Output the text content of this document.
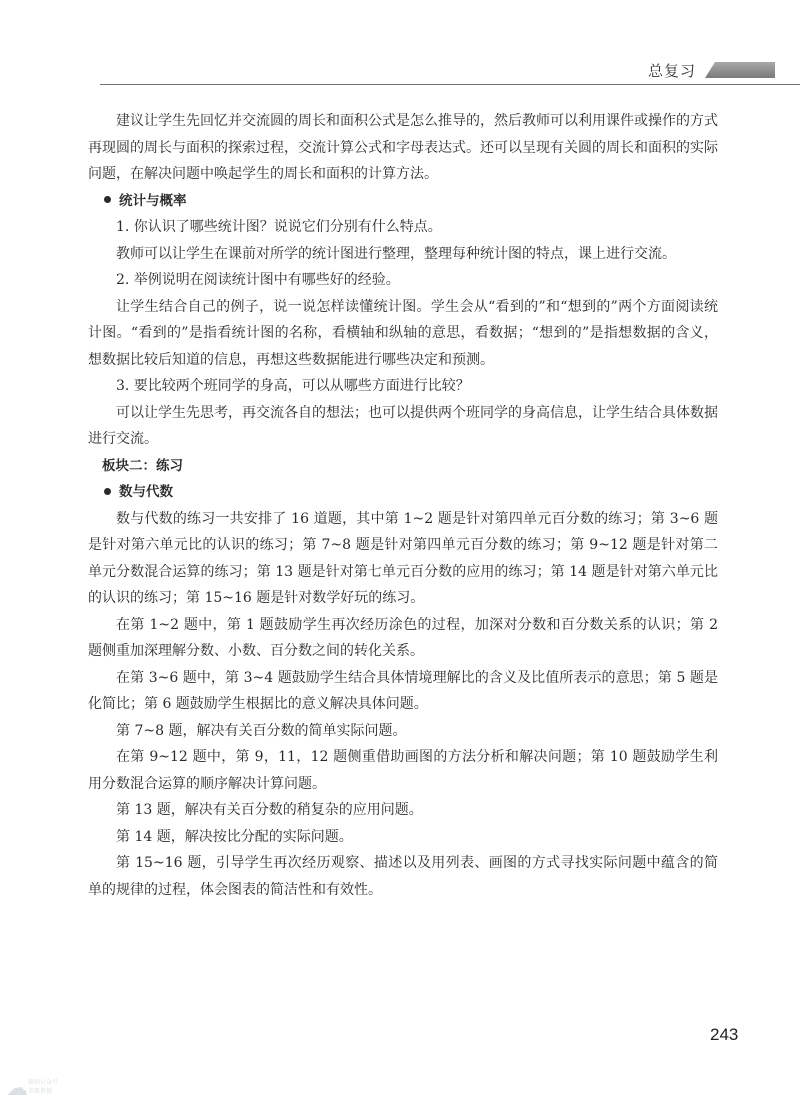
总复习

建议让学生先回忆并交流圆的周长和面积公式是怎么推导的，然后教师可以利用课件或操作的方式再现圆的周长与面积的探索过程，交流计算公式和字母表达式。还可以呈现有关圆的周长和面积的实际问题，在解决问题中唤起学生的周长和面积的计算方法。

统计与概率

1. 你认识了哪些统计图？说说它们分别有什么特点。

教师可以让学生在课前对所学的统计图进行整理，整理每种统计图的特点，课上进行交流。

2. 举例说明在阅读统计图中有哪些好的经验。

让学生结合自己的例子，说一说怎样读懂统计图。学生会从“看到的”和“想到的”两个方面阅读统计图。“看到的”是指看统计图的名称，看横轴和纵轴的意思，看数据；“想到的”是指想数据的含义，想数据比较后知道的信息，再想这些数据能进行哪些决定和预测。

3. 要比较两个班同学的身高，可以从哪些方面进行比较？

可以让学生先思考，再交流各自的想法；也可以提供两个班同学的身高信息，让学生结合具体数据进行交流。

板块二：练习

数与代数

数与代数的练习一共安排了 16 道题，其中第 1~2 题是针对第四单元百分数的练习；第 3~6 题是针对第六单元比的认识的练习；第 7~8 题是针对第四单元百分数的练习；第 9~12 题是针对第二单元分数混合运算的练习；第 13 题是针对第七单元百分数的应用的练习；第 14 题是针对第六单元比的认识的练习；第 15~16 题是针对数学好玩的练习。

在第 1~2 题中，第 1 题鼓励学生再次经历涂色的过程，加深对分数和百分数关系的认识；第 2 题侧重加深理解分数、小数、百分数之间的转化关系。

在第 3~6 题中，第 3~4 题鼓励学生结合具体情境理解比的含义及比值所表示的意思；第 5 题是化简比；第 6 题鼓励学生根据比的意义解决具体问题。

第 7~8 题，解决有关百分数的简单实际问题。

在第 9~12 题中，第 9，11，12 题侧重借助画图的方法分析和解决问题；第 10 题鼓励学生利用分数混合运算的顺序解决计算问题。

第 13 题，解决有关百分数的稍复杂的应用问题。

第 14 题，解决按比分配的实际问题。

第 15~16 题，引导学生再次经历观察、描述以及用列表、画图的方式寻找实际问题中蕴含的简单的规律的过程，体会图表的简洁性和有效性。

243
☁ 微信公众号
草原教辅
